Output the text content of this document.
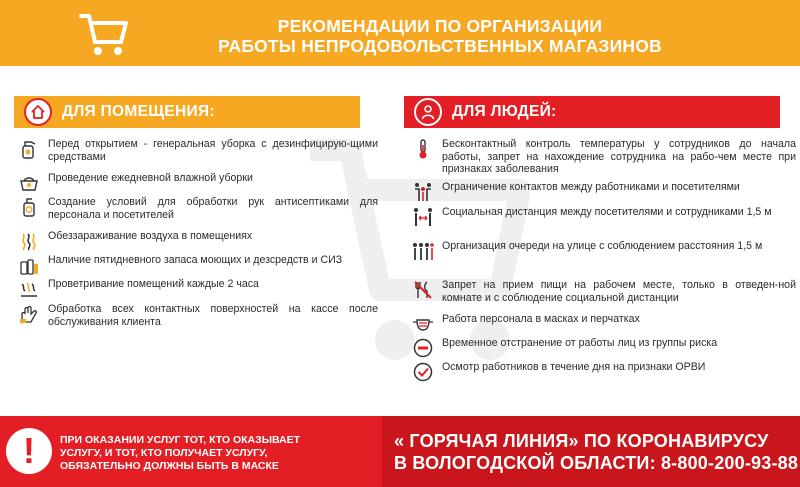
РЕКОМЕНДАЦИИ ПО ОРГАНИЗАЦИИ
РАБОТЫ НЕПРОДОВОЛЬСТВЕННЫХ МАГАЗИНОВ
ДЛЯ ПОМЕЩЕНИЯ:	ДЛЯ ЛЮДЕЙ:
Перед открытием - генеральная уборка с дезинфицирую-щими средствами
Проведение ежедневной влажной уборки
Создание условий для обработки рук антисептиками для персонала и посетителей
Обеззараживание воздуха в помещениях
Наличие пятидневного запаса моющих и дезсредств и СИЗ
Проветривание помещений каждые 2 часа
Обработка всех контактных поверхностей на кассе после обслуживания клиента
Бесконтактный контроль температуры у сотрудников до начала работы, запрет на нахождение сотрудника на рабо-чем месте при признаках заболевания
Ограничение контактов между работниками и посетителями
Социальная дистанция между посетителями и сотрудниками 1,5 м
Организация очереди на улице с соблюдением расстояния 1,5 м
Запрет на прием пищи на рабочем месте, только в отведен-ной комнате и с соблюдение социальной дистанции
Работа персонала в масках и перчатках
Временное отстранение от работы лиц из группы риска
Осмотр работников в течение дня на признаки ОРВИ
!	ПРИ ОКАЗАНИИ УСЛУГ ТОТ, КТО ОКАЗЫВАЕТ
УСЛУГУ, И ТОТ, КТО ПОЛУЧАЕТ УСЛУГУ,
ОБЯЗАТЕЛЬНО ДОЛЖНЫ БЫТЬ В МАСКЕ
« ГОРЯЧАЯ ЛИНИЯ» ПО КОРОНАВИРУСУ
В ВОЛОГОДСКОЙ ОБЛАСТИ: 8-800-200-93-88
